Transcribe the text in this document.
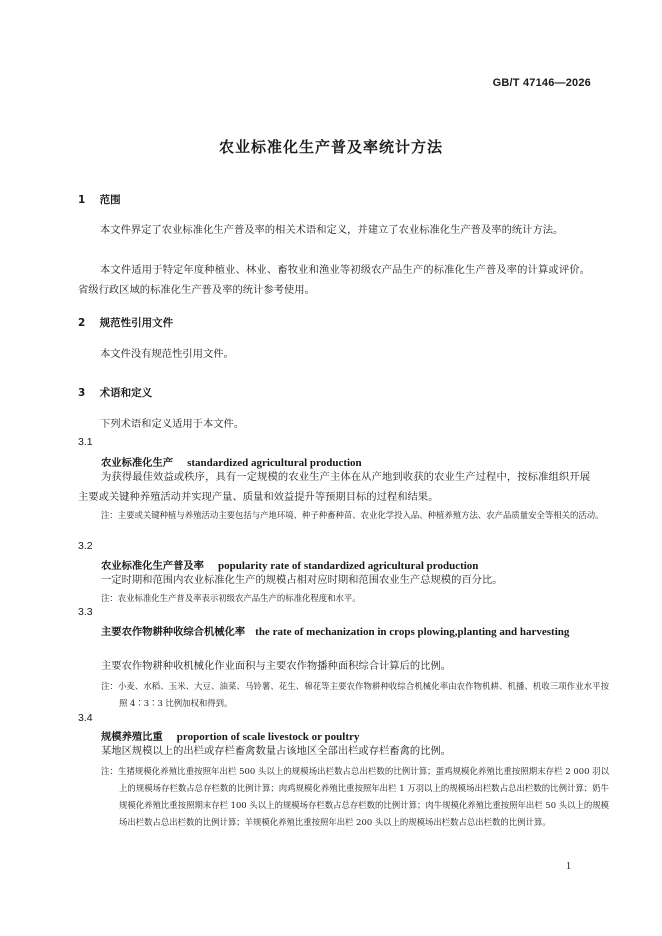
GB/T 47146—2026
农业标准化生产普及率统计方法
1 范围
本文件界定了农业标准化生产普及率的相关术语和定义，并建立了农业标准化生产普及率的统计方法。
本文件适用于特定年度种植业、林业、畜牧业和渔业等初级农产品生产的标准化生产普及率的计算或评价。省级行政区域的标准化生产普及率的统计参考使用。
2 规范性引用文件
本文件没有规范性引用文件。
3 术语和定义
下列术语和定义适用于本文件。
3.1
农业标准化生产 standardized agricultural production
为获得最佳效益或秩序，具有一定规模的农业生产主体在从产地到收获的农业生产过程中，按标准组织开展主要或关键种养殖活动并实现产量、质量和效益提升等预期目标的过程和结果。
注：主要或关键种植与养殖活动主要包括与产地环境、种子种畜种苗、农业化学投入品、种植养殖方法、农产品质量安全等相关的活动。
3.2
农业标准化生产普及率 popularity rate of standardized agricultural production
一定时期和范围内农业标准化生产的规模占相对应时期和范围农业生产总规模的百分比。
注：农业标准化生产普及率表示初级农产品生产的标准化程度和水平。
3.3
主要农作物耕种收综合机械化率 the rate of mechanization in crops plowing,planting and harvesting
主要农作物耕种收机械化作业面积与主要农作物播种面积综合计算后的比例。
注：小麦、水稻、玉米、大豆、油菜、马铃薯、花生、棉花等主要农作物耕种收综合机械化率由农作物机耕、机播、机收三项作业水平按照 4∶3∶3 比例加权和得到。
3.4
规模养殖比重 proportion of scale livestock or poultry
某地区规模以上的出栏或存栏畜禽数量占该地区全部出栏或存栏畜禽的比例。
注：生猪规模化养殖比重按照年出栏 500 头以上的规模场出栏数占总出栏数的比例计算；蛋鸡规模化养殖比重按照期末存栏 2 000 羽以上的规模场存栏数占总存栏数的比例计算；肉鸡规模化养殖比重按照年出栏 1 万羽以上的规模场出栏数占总出栏数的比例计算；奶牛规模化养殖比重按照期末存栏 100 头以上的规模场存栏数占总存栏数的比例计算；肉牛规模化养殖比重按照年出栏 50 头以上的规模场出栏数占总出栏数的比例计算；羊规模化养殖比重按照年出栏 200 头以上的规模场出栏数占总出栏数的比例计算。
1
